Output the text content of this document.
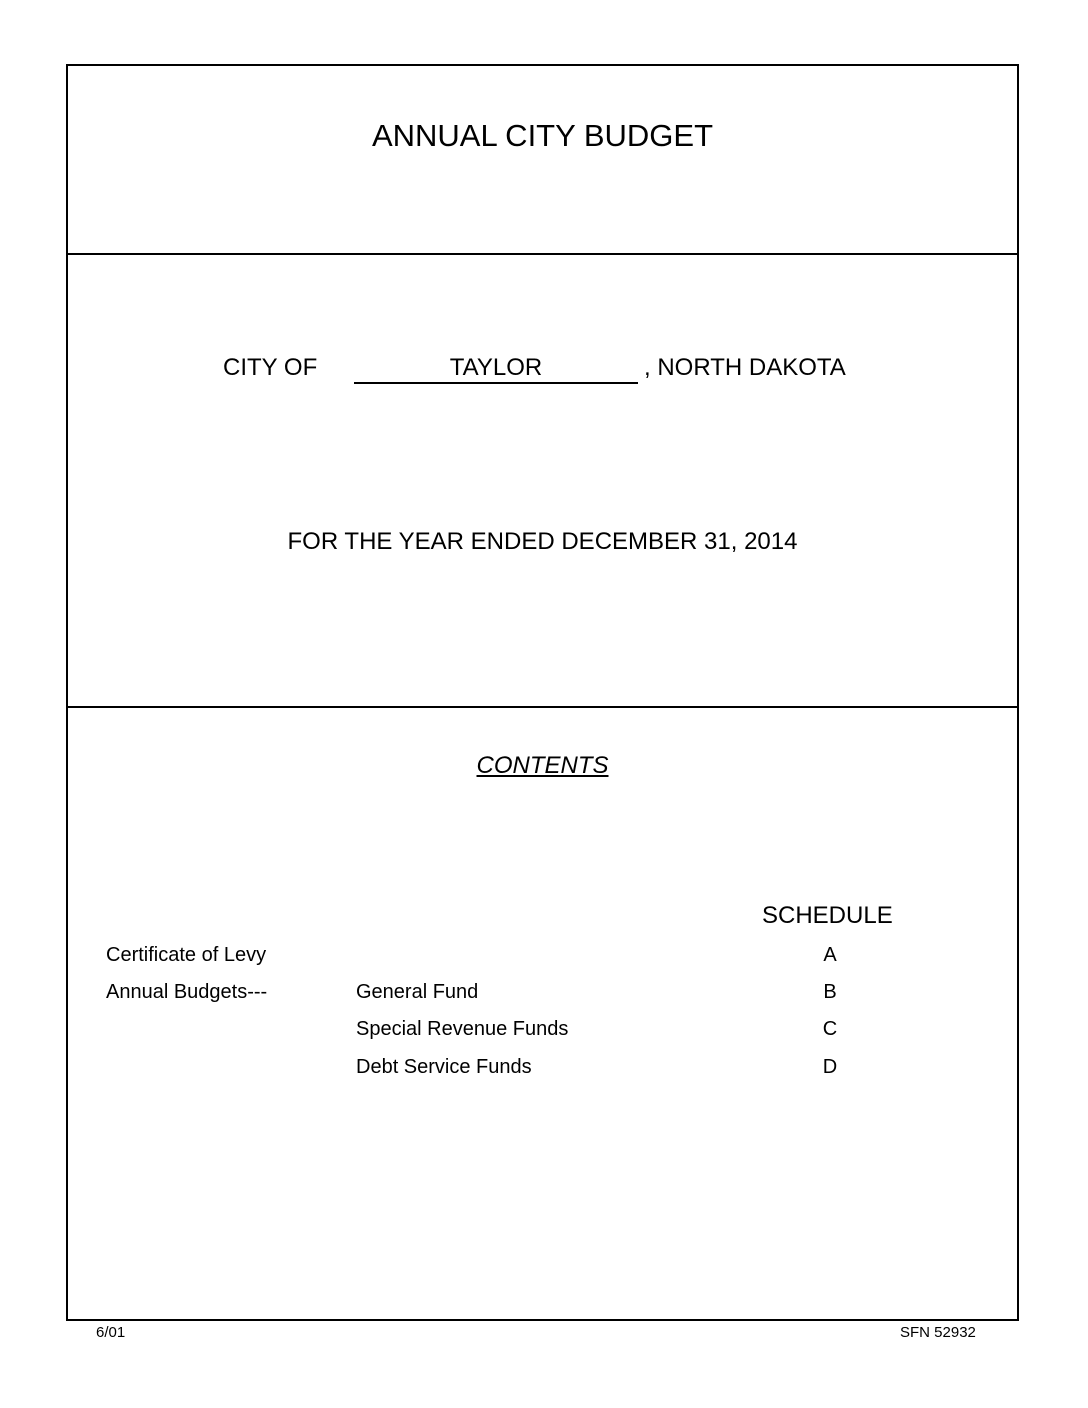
ANNUAL CITY BUDGET
CITY OF	TAYLOR	, NORTH DAKOTA
FOR THE YEAR ENDED DECEMBER 31, 2014
CONTENTS
SCHEDULE
Certificate of Levy	A
Annual Budgets---	General Fund	B
Special Revenue Funds	C
Debt Service Funds	D
6/01	SFN 52932
